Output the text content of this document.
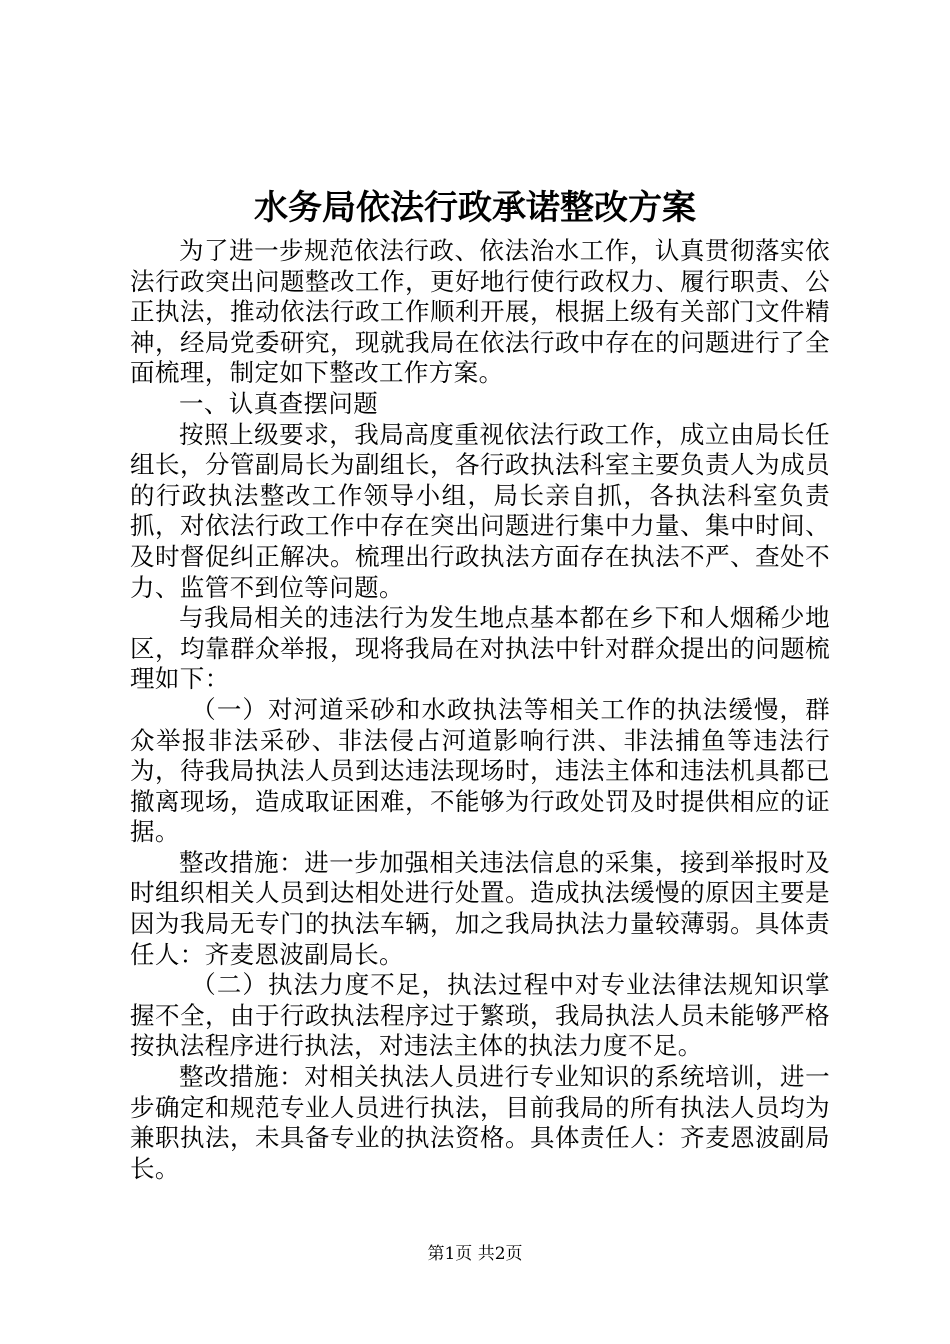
水务局依法行政承诺整改方案

为了进一步规范依法行政、依法治水工作，认真贯彻落实依法行政突出问题整改工作，更好地行使行政权力、履行职责、公正执法，推动依法行政工作顺利开展，根据上级有关部门文件精神，经局党委研究，现就我局在依法行政中存在的问题进行了全面梳理，制定如下整改工作方案。

一、认真查摆问题

按照上级要求，我局高度重视依法行政工作，成立由局长任组长，分管副局长为副组长，各行政执法科室主要负责人为成员的行政执法整改工作领导小组，局长亲自抓，各执法科室负责抓，对依法行政工作中存在突出问题进行集中力量、集中时间、及时督促纠正解决。梳理出行政执法方面存在执法不严、查处不力、监管不到位等问题。

与我局相关的违法行为发生地点基本都在乡下和人烟稀少地区，均靠群众举报，现将我局在对执法中针对群众提出的问题梳理如下：

（一）对河道采砂和水政执法等相关工作的执法缓慢，群众举报非法采砂、非法侵占河道影响行洪、非法捕鱼等违法行为，待我局执法人员到达违法现场时，违法主体和违法机具都已撤离现场，造成取证困难，不能够为行政处罚及时提供相应的证据。

整改措施：进一步加强相关违法信息的采集，接到举报时及时组织相关人员到达相处进行处置。造成执法缓慢的原因主要是因为我局无专门的执法车辆，加之我局执法力量较薄弱。具体责任人：齐麦恩波副局长。

（二）执法力度不足，执法过程中对专业法律法规知识掌握不全，由于行政执法程序过于繁琐，我局执法人员未能够严格按执法程序进行执法，对违法主体的执法力度不足。

整改措施：对相关执法人员进行专业知识的系统培训，进一步确定和规范专业人员进行执法，目前我局的所有执法人员均为兼职执法，未具备专业的执法资格。具体责任人：齐麦恩波副局长。

第1页 共2页
